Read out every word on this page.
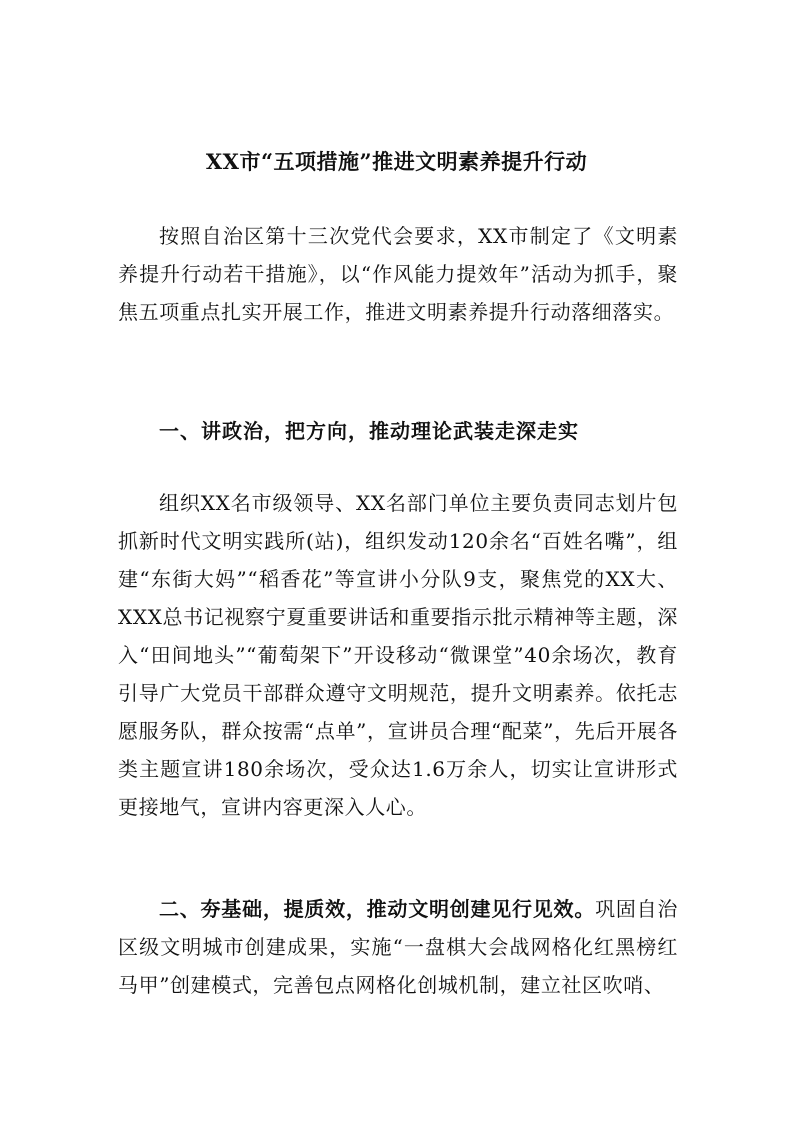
XX市“五项措施”推进文明素养提升行动
按照自治区第十三次党代会要求，XX市制定了《文明素养提升行动若干措施》，以“作风能力提效年”活动为抓手，聚焦五项重点扎实开展工作，推进文明素养提升行动落细落实。
一、讲政治，把方向，推动理论武装走深走实
组织XX名市级领导、XX名部门单位主要负责同志划片包抓新时代文明实践所(站)，组织发动120余名“百姓名嘴”，组建“东街大妈”“稻香花”等宣讲小分队9支，聚焦党的XX大、XXX总书记视察宁夏重要讲话和重要指示批示精神等主题，深入“田间地头”“葡萄架下”开设移动“微课堂”40余场次，教育引导广大党员干部群众遵守文明规范，提升文明素养。依托志愿服务队，群众按需“点单”，宣讲员合理“配菜”，先后开展各类主题宣讲180余场次，受众达1.6万余人，切实让宣讲形式更接地气，宣讲内容更深入人心。
二、夯基础，提质效，推动文明创建见行见效。巩固自治区级文明城市创建成果，实施“一盘棋大会战网格化红黑榜红马甲”创建模式，完善包点网格化创城机制，建立社区吹哨、
